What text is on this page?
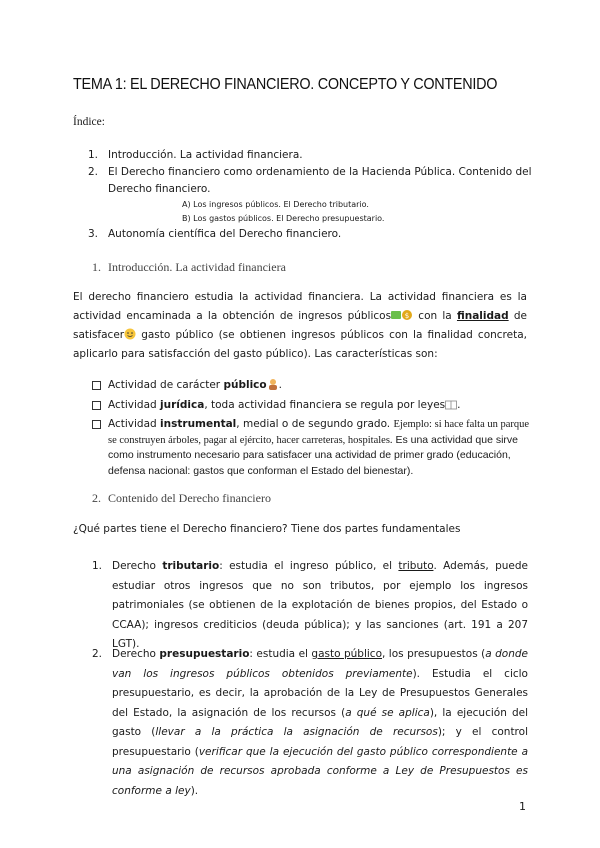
TEMA 1: EL DERECHO FINANCIERO. CONCEPTO Y CONTENIDO
Índice:
1. Introducción. La actividad financiera.
2. El Derecho financiero como ordenamiento de la Hacienda Pública. Contenido del Derecho financiero.
A) Los ingresos públicos. El Derecho tributario.
B) Los gastos públicos. El Derecho presupuestario.
3. Autonomía científica del Derecho financiero.
1. Introducción. La actividad financiera
El derecho financiero estudia la actividad financiera. La actividad financiera es la actividad encaminada a la obtención de ingresos públicos $ con la finalidad de satisfacer gasto público (se obtienen ingresos públicos con la finalidad concreta, aplicarlo para satisfacción del gasto público). Las características son:
Actividad de carácter público .
Actividad jurídica, toda actividad financiera se regula por leyes .
Actividad instrumental, medial o de segundo grado. Ejemplo: si hace falta un parque se construyen árboles, pagar al ejército, hacer carreteras, hospitales. Es una actividad que sirve como instrumento necesario para satisfacer una actividad de primer grado (educación, defensa nacional: gastos que conforman el Estado del bienestar).
2. Contenido del Derecho financiero
¿Qué partes tiene el Derecho financiero? Tiene dos partes fundamentales
1. Derecho tributario: estudia el ingreso público, el tributo. Además, puede estudiar otros ingresos que no son tributos, por ejemplo los ingresos patrimoniales (se obtienen de la explotación de bienes propios, del Estado o CCAA); ingresos crediticios (deuda pública); y las sanciones (art. 191 a 207 LGT).
2. Derecho presupuestario: estudia el gasto público, los presupuestos (a donde van los ingresos públicos obtenidos previamente). Estudia el ciclo presupuestario, es decir, la aprobación de la Ley de Presupuestos Generales del Estado, la asignación de los recursos (a qué se aplica), la ejecución del gasto (llevar a la práctica la asignación de recursos); y el control presupuestario (verificar que la ejecución del gasto público correspondiente a una asignación de recursos aprobada conforme a Ley de Presupuestos es conforme a ley).
1
